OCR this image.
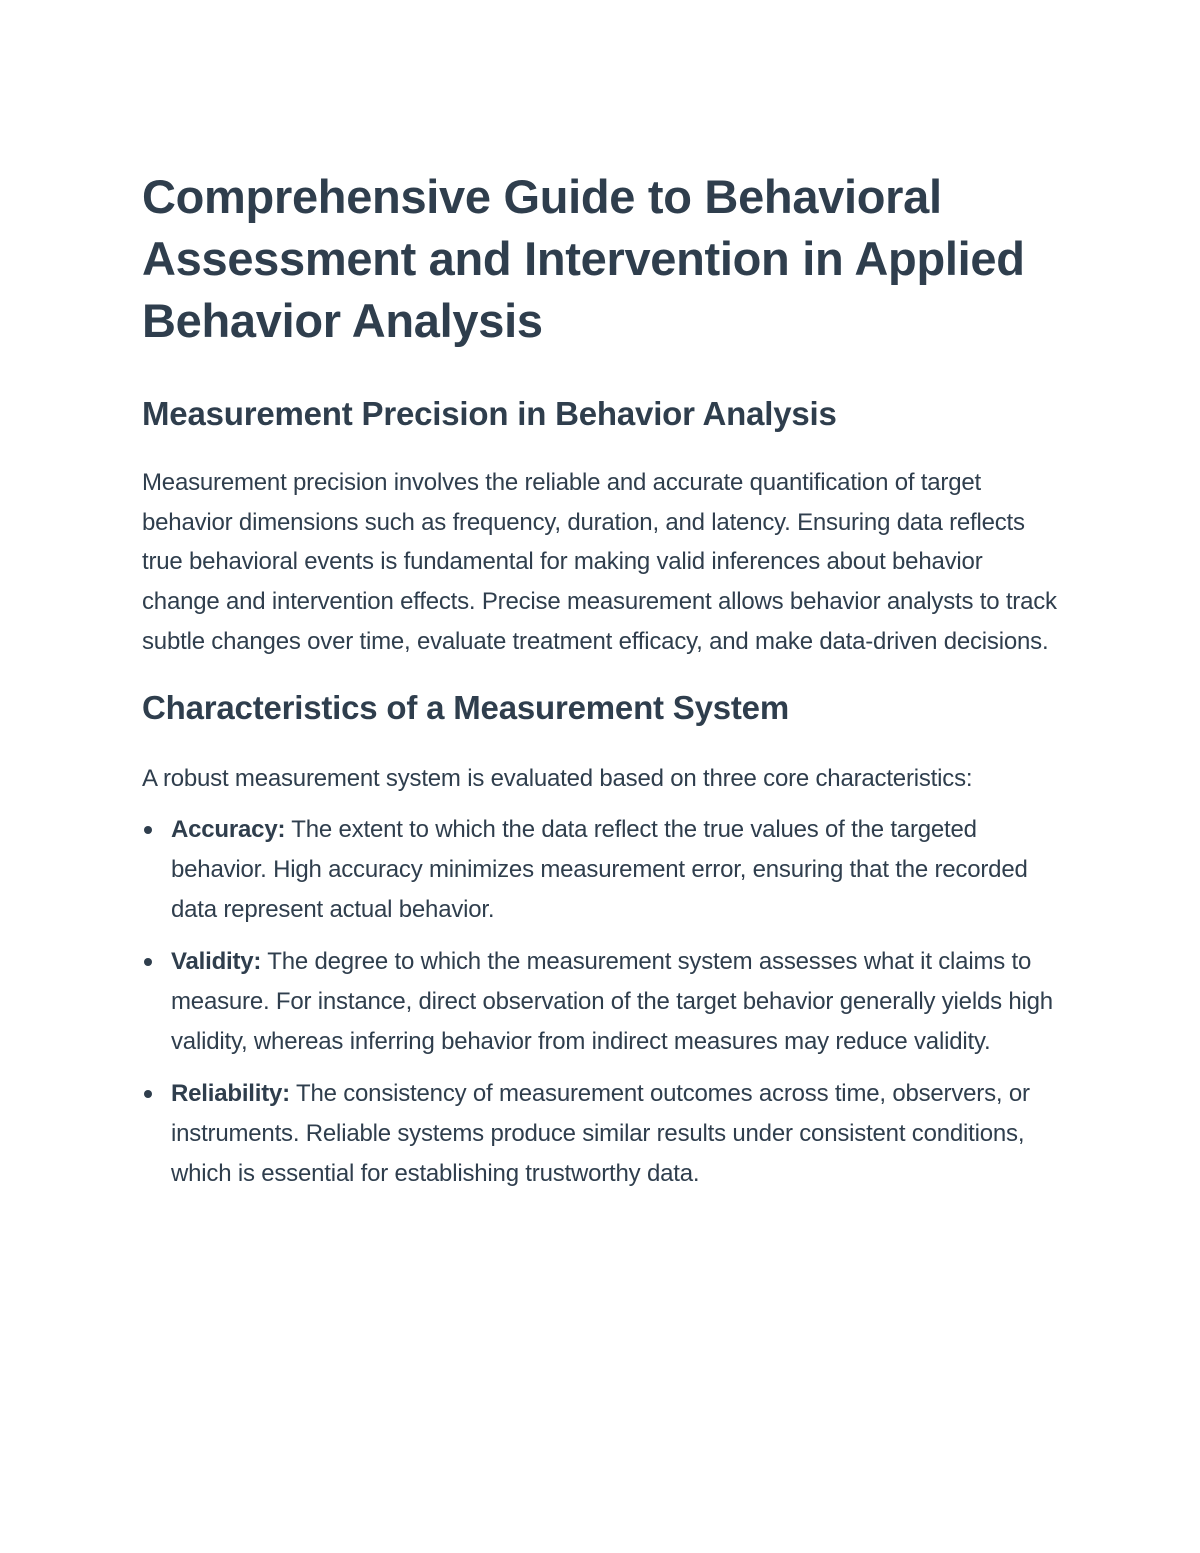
Comprehensive Guide to Behavioral Assessment and Intervention in Applied Behavior Analysis
Measurement Precision in Behavior Analysis

Measurement precision involves the reliable and accurate quantification of target behavior dimensions such as frequency, duration, and latency. Ensuring data reflects true behavioral events is fundamental for making valid inferences about behavior change and intervention effects. Precise measurement allows behavior analysts to track subtle changes over time, evaluate treatment efficacy, and make data-driven decisions.

Characteristics of a Measurement System

A robust measurement system is evaluated based on three core characteristics:

Accuracy: The extent to which the data reflect the true values of the targeted behavior. High accuracy minimizes measurement error, ensuring that the recorded data represent actual behavior.
Validity: The degree to which the measurement system assesses what it claims to measure. For instance, direct observation of the target behavior generally yields high validity, whereas inferring behavior from indirect measures may reduce validity.
Reliability: The consistency of measurement outcomes across time, observers, or instruments. Reliable systems produce similar results under consistent conditions, which is essential for establishing trustworthy data.
